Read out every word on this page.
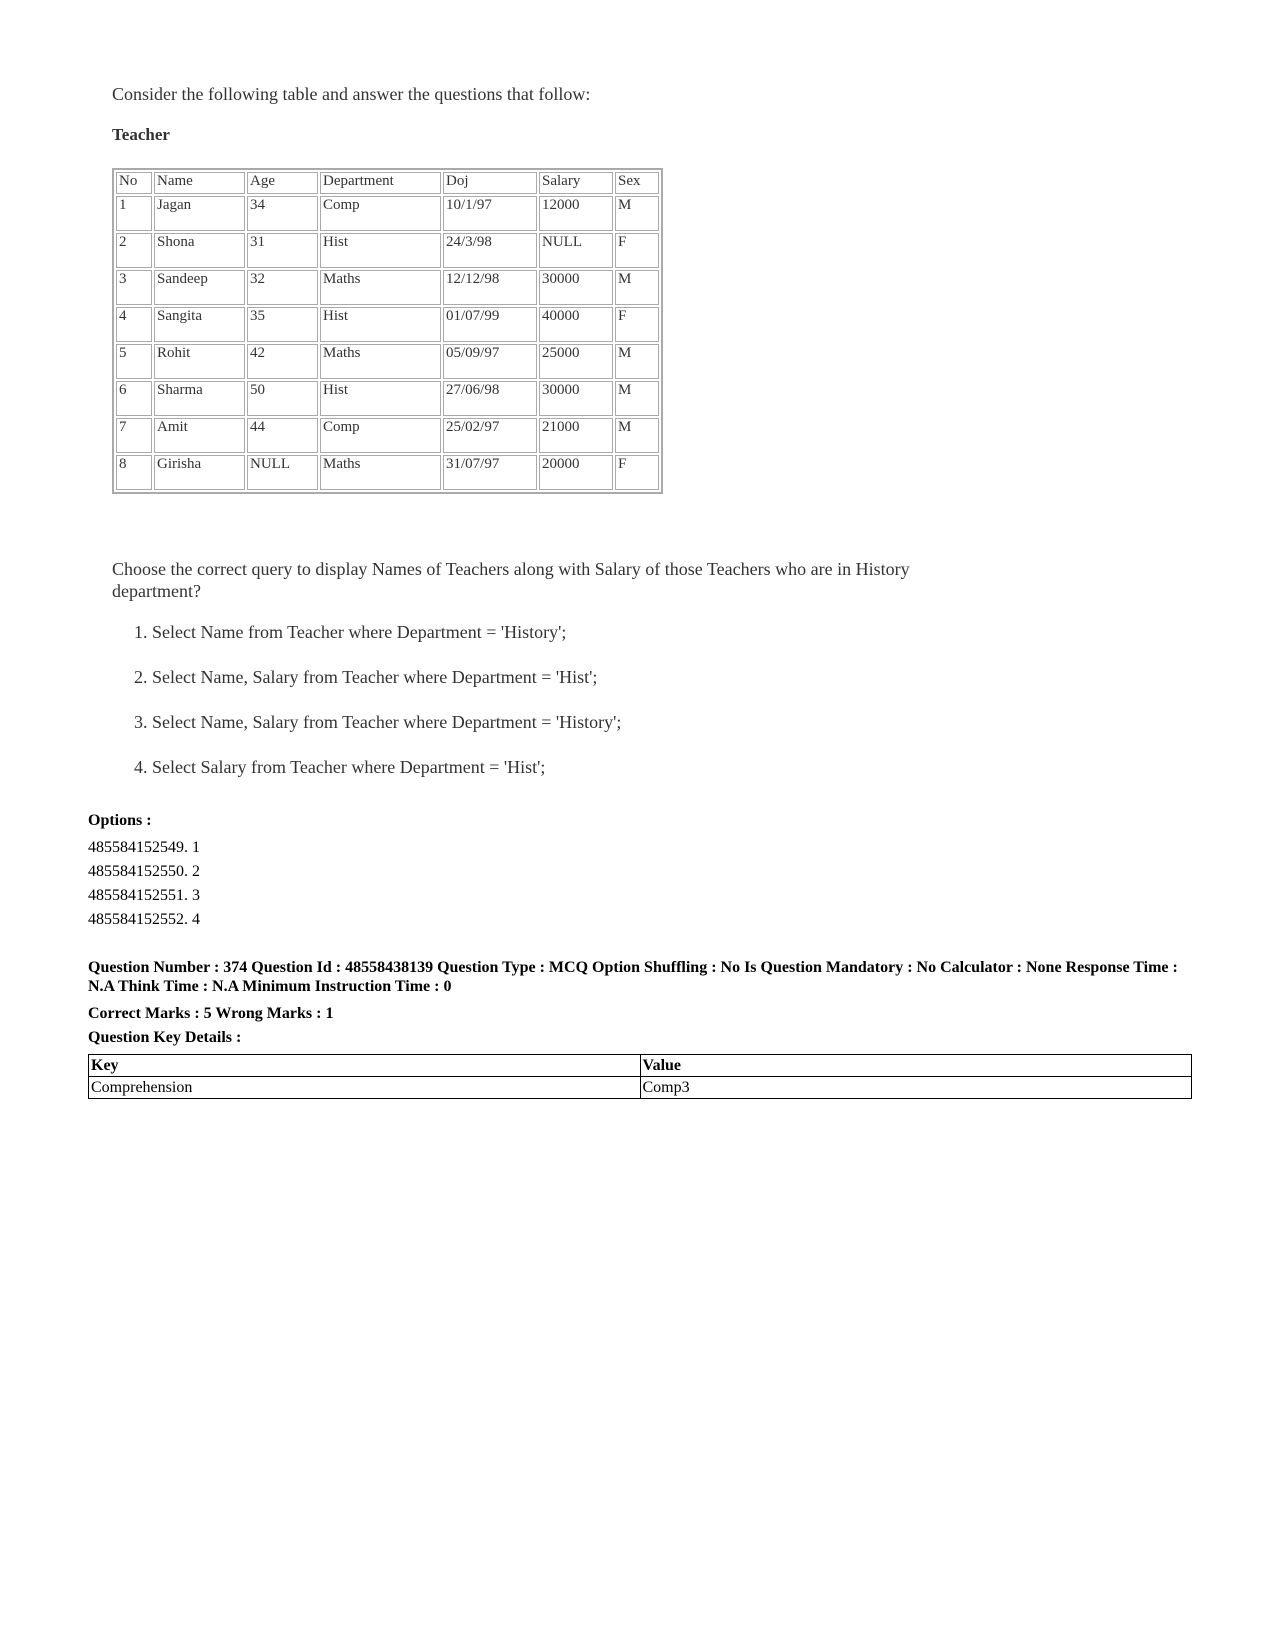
Consider the following table and answer the questions that follow:
Teacher
No	Name	Age	Department	Doj	Salary	Sex
1	Jagan	34	Comp	10/1/97	12000	M
2	Shona	31	Hist	24/3/98	NULL	F
3	Sandeep	32	Maths	12/12/98	30000	M
4	Sangita	35	Hist	01/07/99	40000	F
5	Rohit	42	Maths	05/09/97	25000	M
6	Sharma	50	Hist	27/06/98	30000	M
7	Amit	44	Comp	25/02/97	21000	M
8	Girisha	NULL	Maths	31/07/97	20000	F
Choose the correct query to display Names of Teachers along with Salary of those Teachers who are in History department?
1. Select Name from Teacher where Department = 'History';
2. Select Name, Salary from Teacher where Department = 'Hist';
3. Select Name, Salary from Teacher where Department = 'History';
4. Select Salary from Teacher where Department = 'Hist';
Options :
485584152549. 1
485584152550. 2
485584152551. 3
485584152552. 4
Question Number : 374 Question Id : 48558438139 Question Type : MCQ Option Shuffling : No Is Question Mandatory : No Calculator : None Response Time : N.A Think Time : N.A Minimum Instruction Time : 0
Correct Marks : 5 Wrong Marks : 1
Question Key Details :
Key	Value
Comprehension	Comp3
